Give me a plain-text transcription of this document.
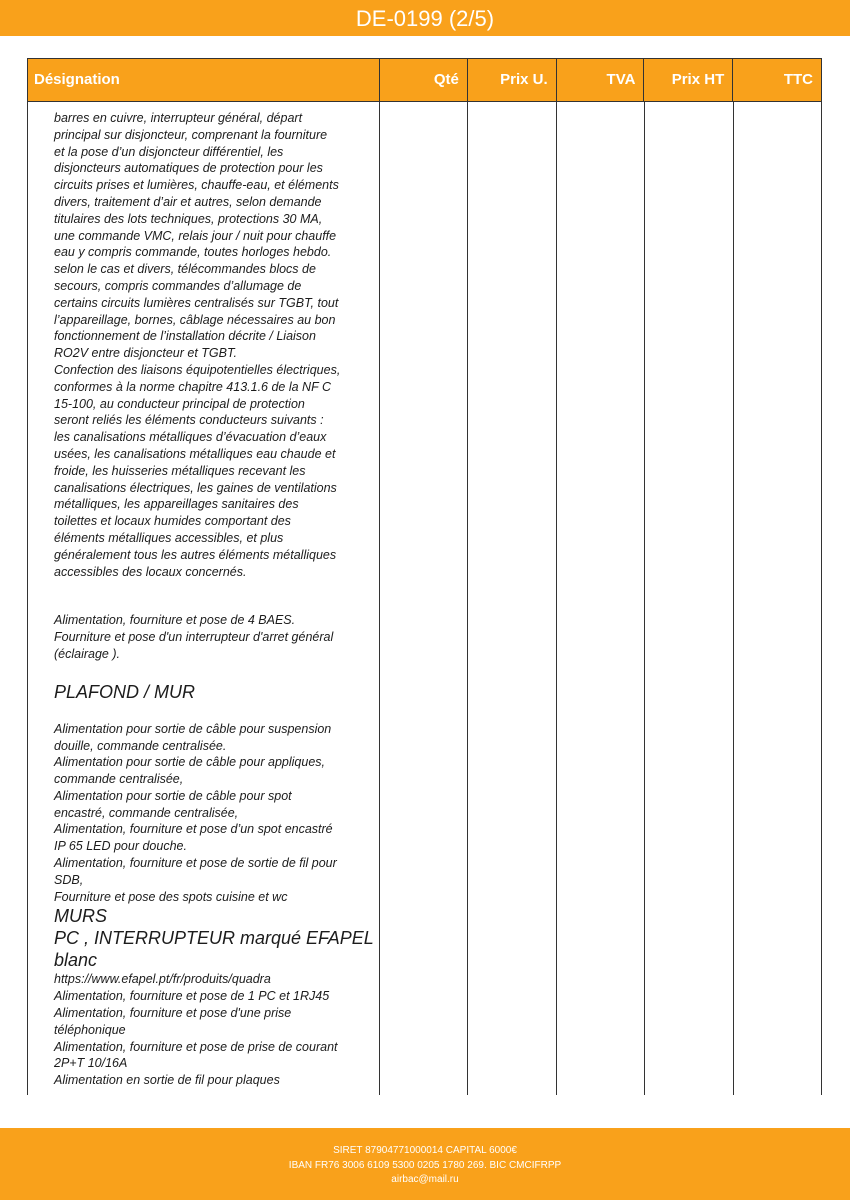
DE-0199 (2/5)
Désignation	Qté	Prix U.	TVA	Prix HT	TTC

barres en cuivre, interrupteur général, départ
principal sur disjoncteur, comprenant la fourniture
et la pose d’un disjoncteur différentiel, les
disjoncteurs automatiques de protection pour les
circuits prises et lumières, chauffe-eau, et éléments
divers, traitement d’air et autres, selon demande
titulaires des lots techniques, protections 30 MA,
une commande VMC, relais jour / nuit pour chauffe
eau y compris commande, toutes horloges hebdo.
selon le cas et divers, télécommandes blocs de
secours, compris commandes d’allumage de
certains circuits lumières centralisés sur TGBT, tout
l’appareillage, bornes, câblage nécessaires au bon
fonctionnement de l’installation décrite / Liaison
RO2V entre disjoncteur et TGBT.
Confection des liaisons équipotentielles électriques,
conformes à la norme chapitre 413.1.6 de la NF C
15-100, au conducteur principal de protection
seront reliés les éléments conducteurs suivants :
les canalisations métalliques d’évacuation d’eaux
usées, les canalisations métalliques eau chaude et
froide, les huisseries métalliques recevant les
canalisations électriques, les gaines de ventilations
métalliques, les appareillages sanitaires des
toilettes et locaux humides comportant des
éléments métalliques accessibles, et plus
généralement tous les autres éléments métalliques
accessibles des locaux concernés.

Alimentation, fourniture et pose de 4 BAES.
Fourniture et pose d'un interrupteur d'arret général
(éclairage ).

PLAFOND / MUR

Alimentation pour sortie de câble pour suspension
douille, commande centralisée.
Alimentation pour sortie de câble pour appliques,
commande centralisée,
Alimentation pour sortie de câble pour spot
encastré, commande centralisée,
Alimentation, fourniture et pose d’un spot encastré
IP 65 LED pour douche.
Alimentation, fourniture et pose de sortie de fil pour
SDB,
Fourniture et pose des spots cuisine et wc

MURS

PC , INTERRUPTEUR marqué EFAPEL
blanc

https://www.efapel.pt/fr/produits/quadra
Alimentation, fourniture et pose de 1 PC et 1RJ45
Alimentation, fourniture et pose d'une prise
téléphonique
Alimentation, fourniture et pose de prise de courant
2P+T 10/16A
Alimentation en sortie de fil pour plaques

SIRET 87904771000014 CAPITAL 6000€
IBAN FR76 3006 6109 5300 0205 1780 269. BIC CMCIFRPP
airbac@mail.ru
